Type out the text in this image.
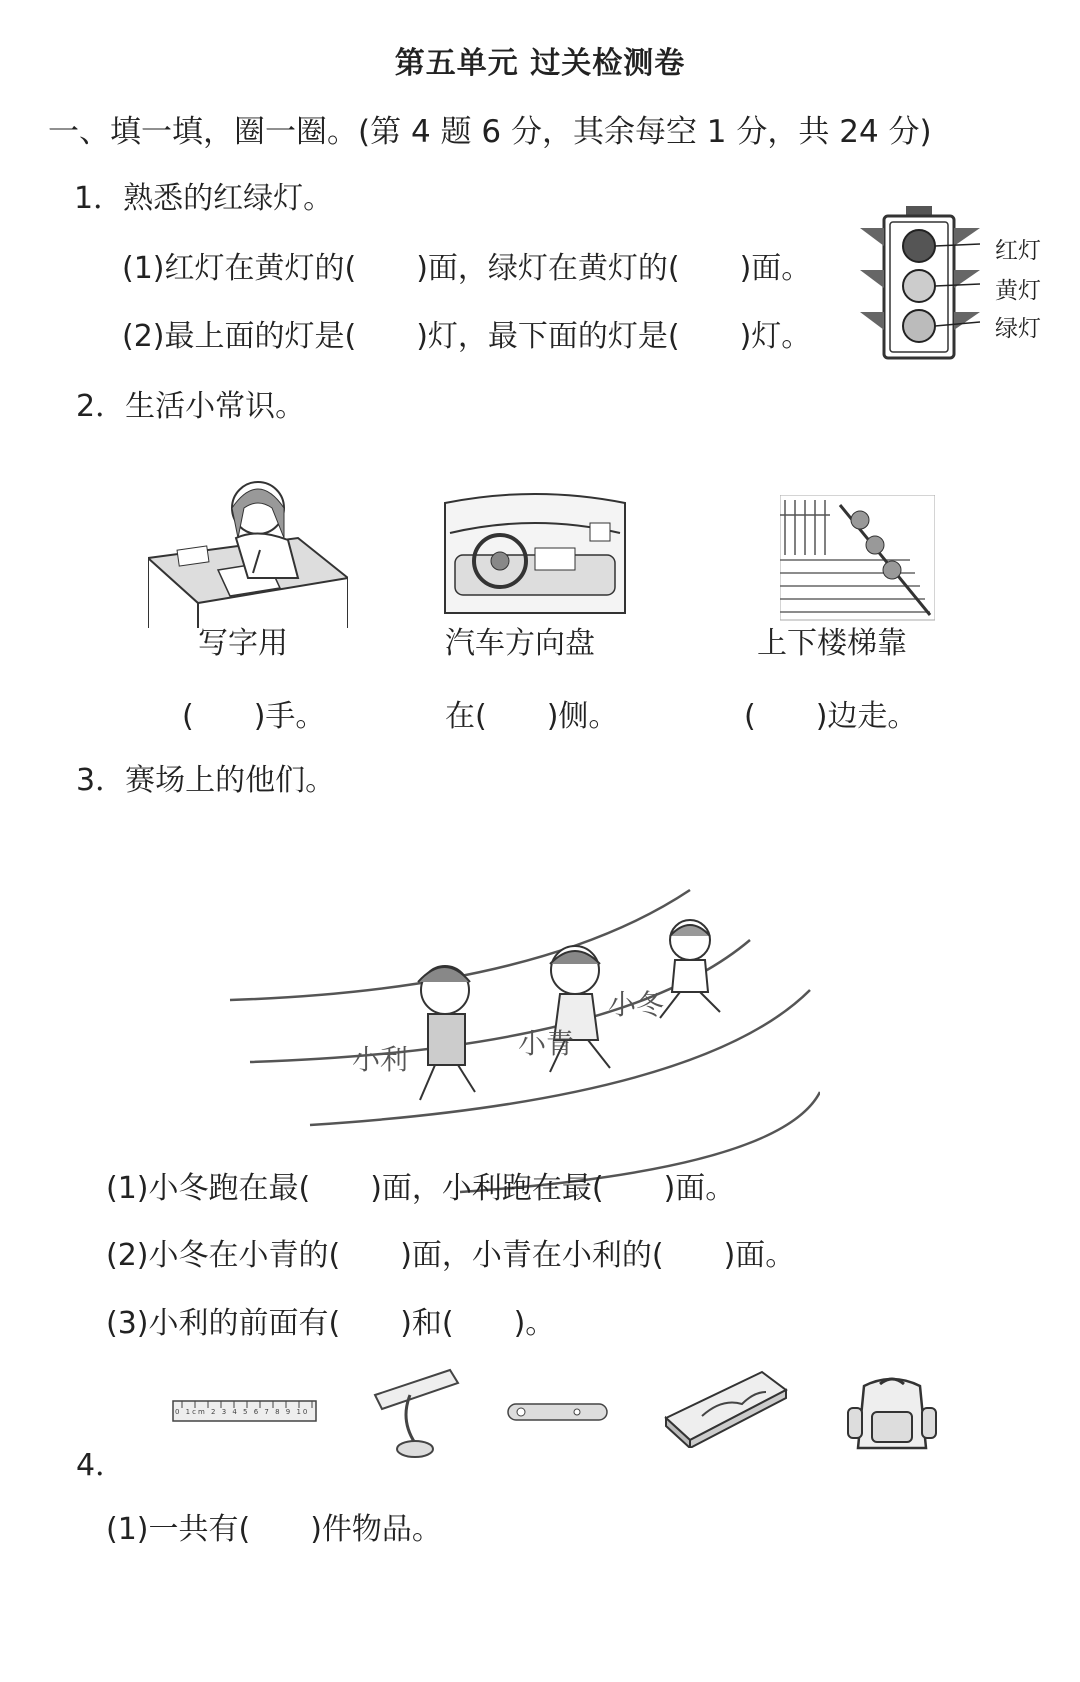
第五单元 过关检测卷
一、填一填，圈一圈。(第 4 题 6 分，其余每空 1 分，共 24 分)
1．熟悉的红绿灯。
(1)红灯在黄灯的(　　)面，绿灯在黄灯的(　　)面。
(2)最上面的灯是(　　)灯，最下面的灯是(　　)灯。
红灯
黄灯
绿灯
2．生活小常识。
写字用	汽车方向盘	上下楼梯靠
(　　)手。	在(　　)侧。	(　　)边走。
3．赛场上的他们。
小利	小青
小冬
(1)小冬跑在最(　　)面，小利跑在最(　　)面。
(2)小冬在小青的(　　)面，小青在小利的(　　)面。
(3)小利的前面有(　　)和(　　)。
0 1cm 2 3 4 5 6 7 8 9 10
4．
(1)一共有(　　)件物品。
